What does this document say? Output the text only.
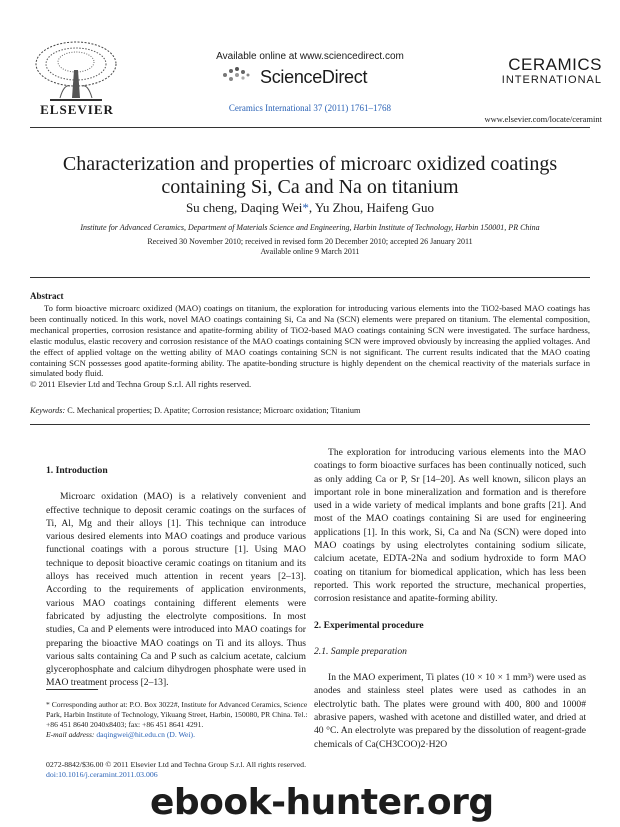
ELSEVIER
Available online at www.sciencedirect.com
ScienceDirect
Ceramics International 37 (2011) 1761–1768
CERAMICS
INTERNATIONAL
www.elsevier.com/locate/ceramint
Characterization and properties of microarc oxidized coatings containing Si, Ca and Na on titanium
Su cheng, Daqing Wei*, Yu Zhou, Haifeng Guo
Institute for Advanced Ceramics, Department of Materials Science and Engineering, Harbin Institute of Technology, Harbin 150001, PR China
Received 30 November 2010; received in revised form 20 December 2010; accepted 26 January 2011
Available online 9 March 2011
Abstract
To form bioactive microarc oxidized (MAO) coatings on titanium, the exploration for introducing various elements into the TiO2-based MAO coatings has been continually noticed. In this work, novel MAO coatings containing Si, Ca and Na (SCN) elements were prepared on titanium. The elemental composition, mechanical properties, corrosion resistance and apatite-forming ability of TiO2-based MAO coatings containing SCN were investigated. The surface hardness, elastic modulus, elastic recovery and corrosion resistance of the MAO coatings containing SCN were improved obviously by increasing the applied voltages. And the effect of applied voltage on the wetting ability of MAO coatings containing SCN is not significant. The current results indicated that the MAO coating containing SCN possesses good apatite-forming ability. The apatite-bonding structure is highly dependent on the chemical reactivity of the materials surface in simulated body fluid.
© 2011 Elsevier Ltd and Techna Group S.r.l. All rights reserved.
Keywords: C. Mechanical properties; D. Apatite; Corrosion resistance; Microarc oxidation; Titanium
1. Introduction

Microarc oxidation (MAO) is a relatively convenient and effective technique to deposit ceramic coatings on the surfaces of Ti, Al, Mg and their alloys [1]. This technique can introduce various desired elements into MAO coatings and produce various functional coatings with a porous structure [1]. Using MAO technique to deposit bioactive ceramic coatings on titanium and its alloys has received much attention in recent years [2–13]. According to the requirements of application environments, various MAO coatings containing different elements were fabricated by adjusting the electrolyte compositions. In most studies, Ca and P elements were introduced into MAO coatings for preparing the bioactive MAO coatings on Ti and its alloys. Thus various salts containing Ca and P such as calcium acetate, calcium glycerophosphate and calcium dihydrogen phosphate were used in MAO treatment process [2–13].

* Corresponding author at: P.O. Box 3022#, Institute for Advanced Ceramics, Science Park, Harbin Institute of Technology, Yikuang Street, Harbin, 150080, PR China. Tel.: +86 451 8640 2040x8403; fax: +86 451 8641 4291.
E-mail address: daqingwei@hit.edu.cn (D. Wei).
0272-8842/$36.00 © 2011 Elsevier Ltd and Techna Group S.r.l. All rights reserved.
doi:10.1016/j.ceramint.2011.03.006

The exploration for introducing various elements into the MAO coatings to form bioactive surfaces has been continually noticed, such as only adding Ca or P, Sr [14–20]. As well known, silicon plays an important role in bone mineralization and formation and is therefore used in a wide variety of medical implants and bone grafts [21]. And most of the MAO coatings containing Si are used for engineering applications [1]. In this work, Si, Ca and Na (SCN) were doped into MAO coatings by using electrolytes containing sodium silicate, calcium acetate, EDTA-2Na and sodium hydroxide to form MAO coating on titanium for biomedical application, which has less been reported. This work reported the structure, mechanical properties, corrosion resistance and apatite-forming ability.

2. Experimental procedure
2.1. Sample preparation

In the MAO experiment, Ti plates (10 × 10 × 1 mm³) were used as anodes and stainless steel plates were used as cathodes in an electrolytic bath. The plates were ground with 400, 800 and 1000# abrasive papers, washed with acetone and distilled water, and dried at 40 °C. An electrolyte was prepared by the dissolution of reagent-grade chemicals of Ca(CH3COO)2·H2O

ebook-hunter.org
